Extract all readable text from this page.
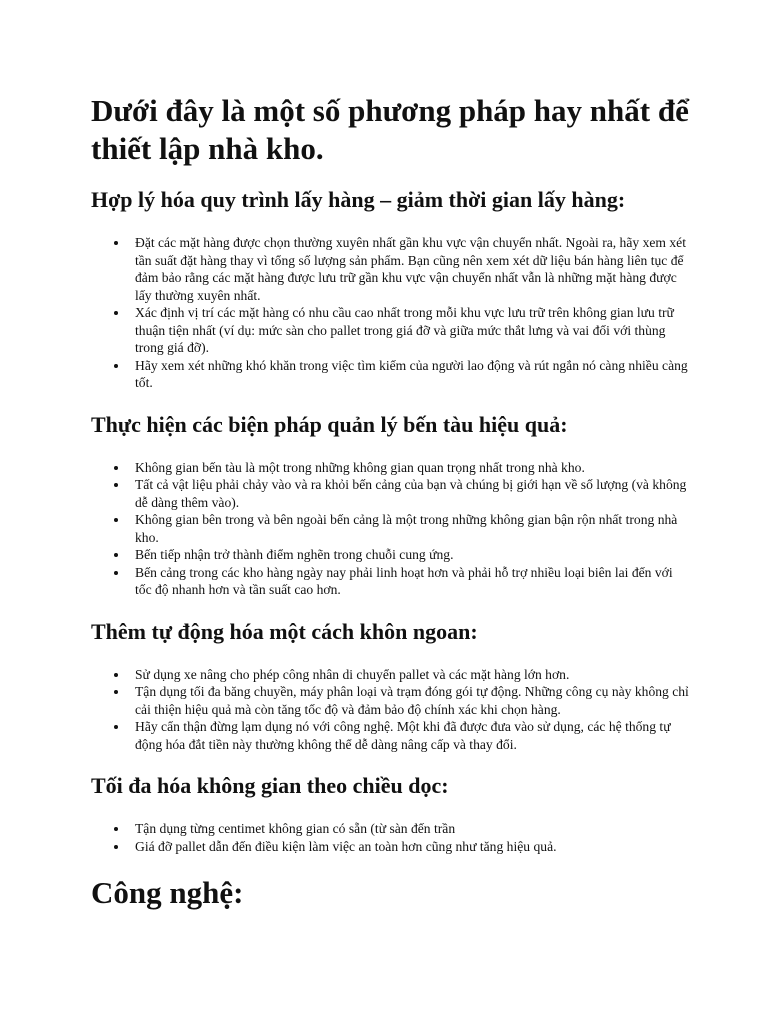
Dưới đây là một số phương pháp hay nhất để thiết lập nhà kho.
Hợp lý hóa quy trình lấy hàng – giảm thời gian lấy hàng:
Đặt các mặt hàng được chọn thường xuyên nhất gần khu vực vận chuyển nhất. Ngoài ra, hãy xem xét tần suất đặt hàng thay vì tổng số lượng sản phẩm. Bạn cũng nên xem xét dữ liệu bán hàng liên tục để đảm bảo rằng các mặt hàng được lưu trữ gần khu vực vận chuyển nhất vẫn là những mặt hàng được lấy thường xuyên nhất.
Xác định vị trí các mặt hàng có nhu cầu cao nhất trong mỗi khu vực lưu trữ trên không gian lưu trữ thuận tiện nhất (ví dụ: mức sàn cho pallet trong giá đỡ và giữa mức thắt lưng và vai đối với thùng trong giá đỡ).
Hãy xem xét những khó khăn trong việc tìm kiếm của người lao động và rút ngắn nó càng nhiều càng tốt.
Thực hiện các biện pháp quản lý bến tàu hiệu quả:
Không gian bến tàu là một trong những không gian quan trọng nhất trong nhà kho.
Tất cả vật liệu phải chảy vào và ra khỏi bến cảng của bạn và chúng bị giới hạn về số lượng (và không dễ dàng thêm vào).
Không gian bên trong và bên ngoài bến cảng là một trong những không gian bận rộn nhất trong nhà kho.
Bến tiếp nhận trở thành điểm nghẽn trong chuỗi cung ứng.
Bến cảng trong các kho hàng ngày nay phải linh hoạt hơn và phải hỗ trợ nhiều loại biên lai đến với tốc độ nhanh hơn và tần suất cao hơn.
Thêm tự động hóa một cách khôn ngoan:
Sử dụng xe nâng cho phép công nhân di chuyển pallet và các mặt hàng lớn hơn.
Tận dụng tối đa băng chuyền, máy phân loại và trạm đóng gói tự động. Những công cụ này không chỉ cải thiện hiệu quả mà còn tăng tốc độ và đảm bảo độ chính xác khi chọn hàng.
Hãy cẩn thận đừng lạm dụng nó với công nghệ. Một khi đã được đưa vào sử dụng, các hệ thống tự động hóa đắt tiền này thường không thể dễ dàng nâng cấp và thay đổi.
Tối đa hóa không gian theo chiều dọc:
Tận dụng từng centimet không gian có sẵn (từ sàn đến trần
Giá đỡ pallet dẫn đến điều kiện làm việc an toàn hơn cũng như tăng hiệu quả.
Công nghệ:
